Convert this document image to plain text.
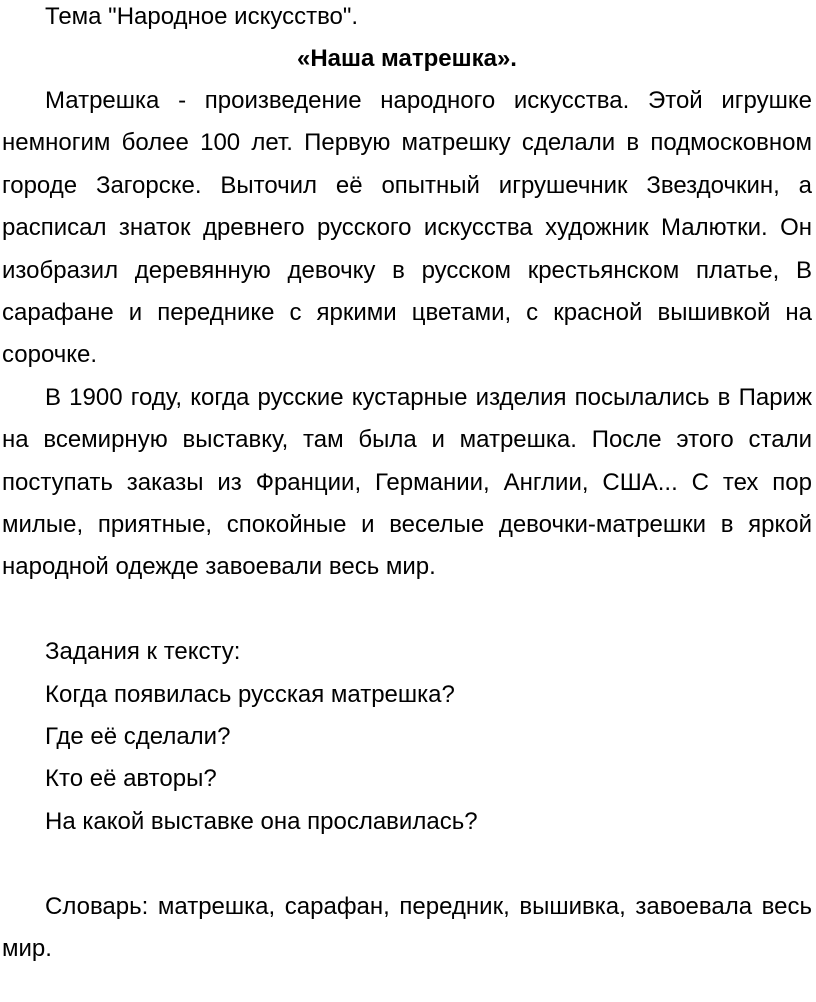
Тема "Народное искусство".

«Наша матрешка».

Матрешка - произведение народного искусства. Этой игрушке немногим более 100 лет. Первую матрешку сделали в подмосковном городе Загорске. Выточил её опытный игрушечник Звездочкин, а расписал знаток древнего русского искусства художник Малютки. Он изобразил деревянную девочку в русском крестьянском платье, В сарафане и переднике с яркими цветами, с красной вышивкой на сорочке.

В 1900 году, когда русские кустарные изделия посылались в Париж на всемирную выставку, там была и матрешка. После этого стали поступать заказы из Франции, Германии, Англии, США... С тех пор милые, приятные, спокойные и веселые девочки-матрешки в яркой народной одежде завоевали весь мир.

Задания к тексту:

Когда появилась русская матрешка?

Где её сделали?

Кто её авторы?

На какой выставке она прославилась?

Словарь: матрешка, сарафан, передник, вышивка, завоевала весь мир.
